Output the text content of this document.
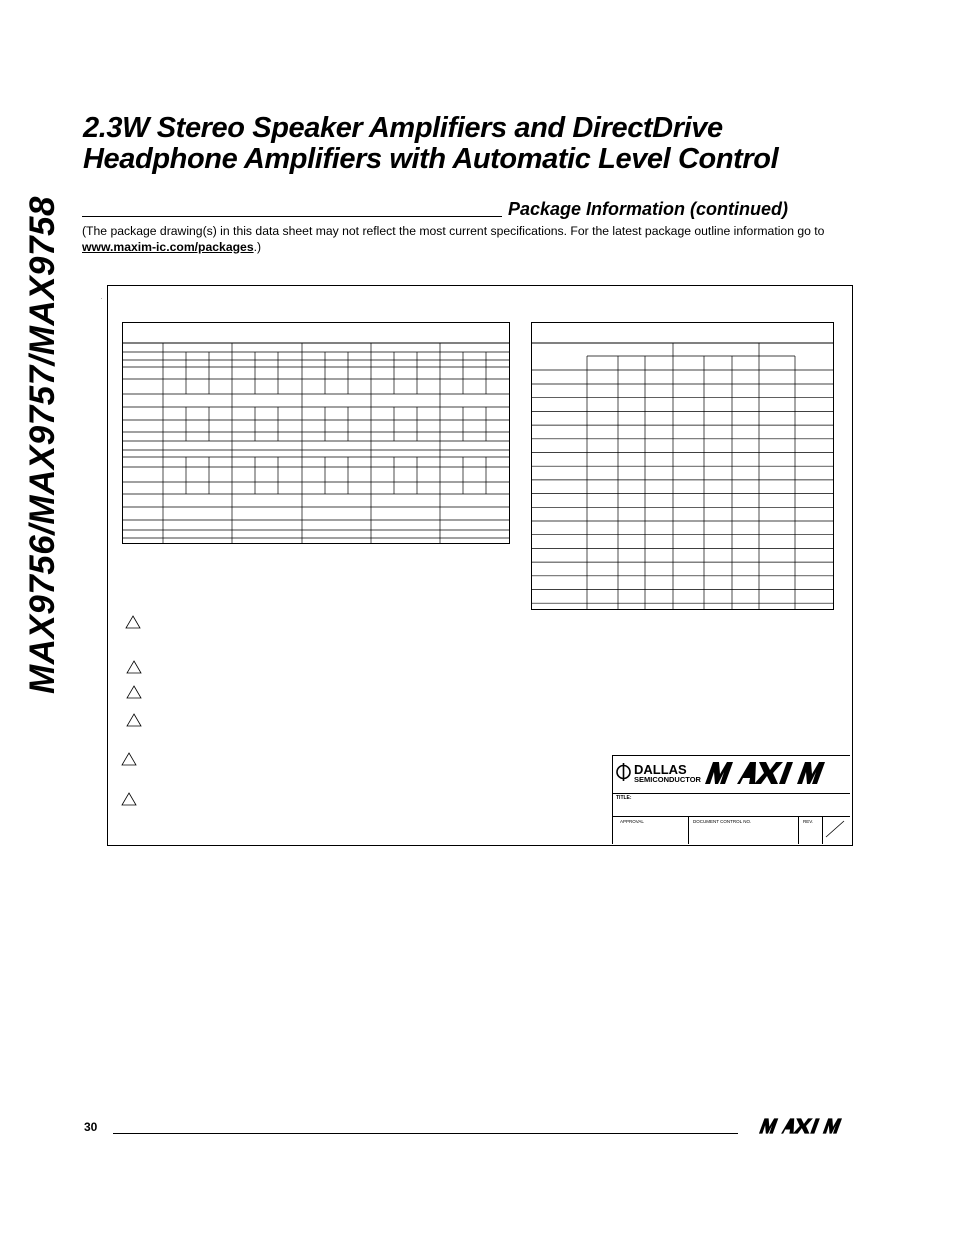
MAX9756/MAX9757/MAX9758
2.3W Stereo Speaker Amplifiers and DirectDrive
Headphone Amplifiers with Automatic Level Control
Package Information (continued)
(The package drawing(s) in this data sheet may not reflect the most current specifications. For the latest package outline information go to www.maxim-ic.com/packages.)
.
DALLAS
SEMICONDUCTOR
TITLE:
APPROVAL	DOCUMENT CONTROL NO.	REV.
30
